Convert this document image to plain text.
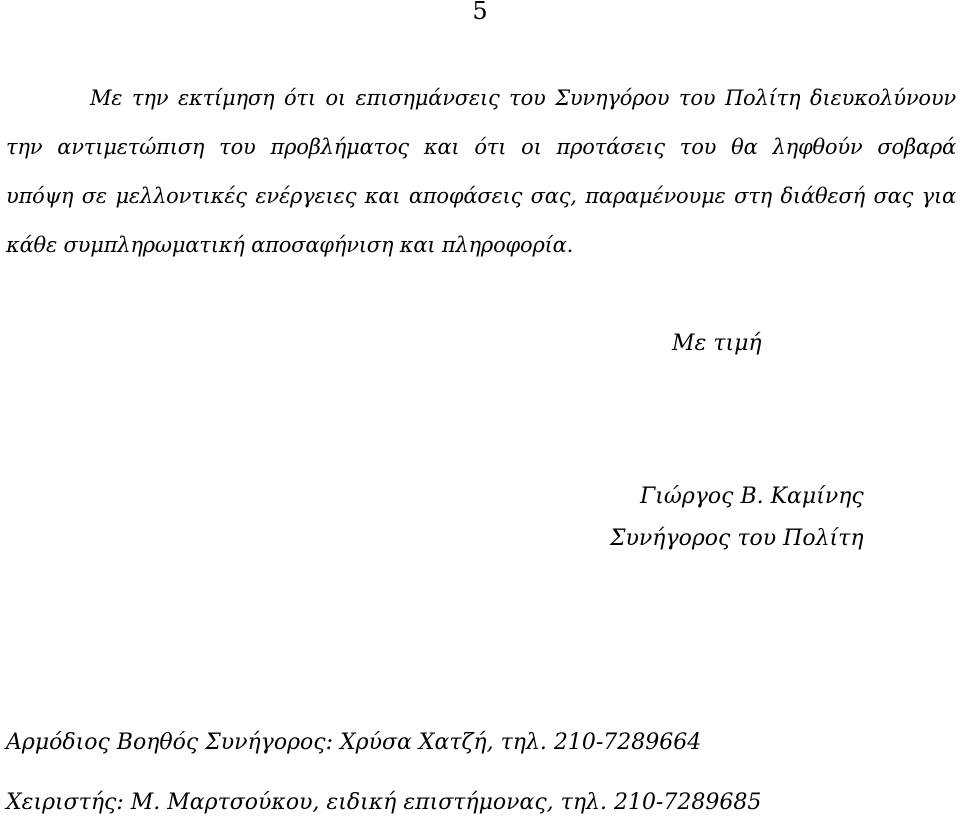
5
Με την εκτίμηση ότι οι επισημάνσεις του Συνηγόρου του Πολίτη διευκολύνουν
την αντιμετώπιση του προβλήματος και ότι οι προτάσεις του θα ληφθούν σοβαρά
υπόψη σε μελλοντικές ενέργειες και αποφάσεις σας, παραμένουμε στη διάθεσή σας για
κάθε συμπληρωματική αποσαφήνιση και πληροφορία.
Με τιμή
Γιώργος Β. Καμίνης
Συνήγορος του Πολίτη
Αρμόδιος Βοηθός Συνήγορος: Χρύσα Χατζή, τηλ. 210-7289664
Χειριστής: Μ. Μαρτσούκου, ειδική επιστήμονας, τηλ. 210-7289685
